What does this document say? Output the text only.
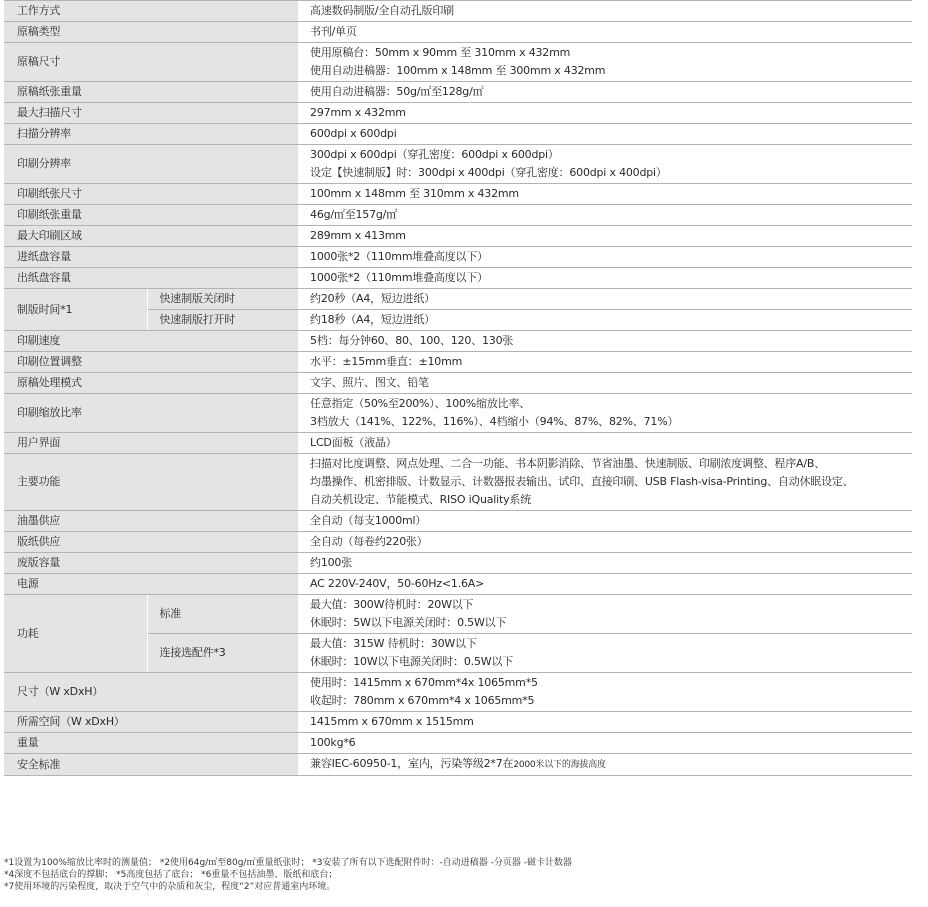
工作方式		高速数码制版/全自动孔版印刷

原稿类型		书刊/单页

原稿尺寸		使用原稿台：50mm x 90mm 至 310mm x 432mm
使用自动进稿器：100mm x 148mm 至 300mm x 432mm

原稿纸张重量		使用自动进稿器：50g/㎡至128g/㎡

最大扫描尺寸		297mm x 432mm

扫描分辨率		600dpi x 600dpi

印刷分辨率		300dpi x 600dpi（穿孔密度：600dpi x 600dpi）
设定【快速制版】时：300dpi x 400dpi（穿孔密度：600dpi x 400dpi）

印刷纸张尺寸		100mm x 148mm 至 310mm x 432mm

印刷纸张重量		46g/㎡至157g/㎡

最大印刷区域		289mm x 413mm

进纸盘容量		1000张*2（110mm堆叠高度以下）

出纸盘容量		1000张*2（110mm堆叠高度以下）

制版时间*1	快速制版关闭时	约20秒（A4，短边进纸）

	快速制版打开时	约18秒（A4，短边进纸）

印刷速度		5档：每分钟60、80、100、120、130张

印刷位置调整		水平：±15mm垂直：±10mm

原稿处理模式		文字、照片、图文、铅笔

印刷缩放比率		任意指定（50%至200%）、100%缩放比率、
3档放大（141%、122%、116%）、4档缩小（94%、87%、82%、71%）

用户界面		LCD面板（液晶）

主要功能		扫描对比度调整、网点处理、二合一功能、书本阴影消除、节省油墨、快速制版、印刷浓度调整、程序A/B、
均墨操作、机密排版、计数显示、计数器报表输出、试印、直接印刷、USB Flash-visa-Printing、自动休眠设定、
自动关机设定、节能模式、RISO iQuality系统

油墨供应		全自动（每支1000ml）

版纸供应		全自动（每卷约220张）

废版容量		约100张

电源		AC 220V-240V，50-60Hz<1.6A>

功耗	标准	最大值：300W待机时：20W以下
休眠时：5W以下电源关闭时：0.5W以下

	连接选配件*3	最大值：315W 待机时：30W以下
休眠时：10W以下电源关闭时：0.5W以下

尺寸（W xDxH）		使用时：1415mm x 670mm*4x 1065mm*5
收起时：780mm x 670mm*4 x 1065mm*5

所需空间（W xDxH）		1415mm x 670mm x 1515mm

重量		100kg*6

安全标准		兼容IEC-60950-1，室内，污染等级2*7在2000米以下的海拔高度
*1设置为100%缩放比率时的测量值； *2使用64g/㎡至80g/㎡重量纸张时； *3安装了所有以下选配附件时：-自动进稿器 -分页器 -磁卡计数器
*4深度不包括底台的撑脚； *5高度包括了底台； *6重量不包括油墨、版纸和底台；
*7使用环境的污染程度，取决于空气中的杂质和灰尘，程度“2”对应普通室内环境。
